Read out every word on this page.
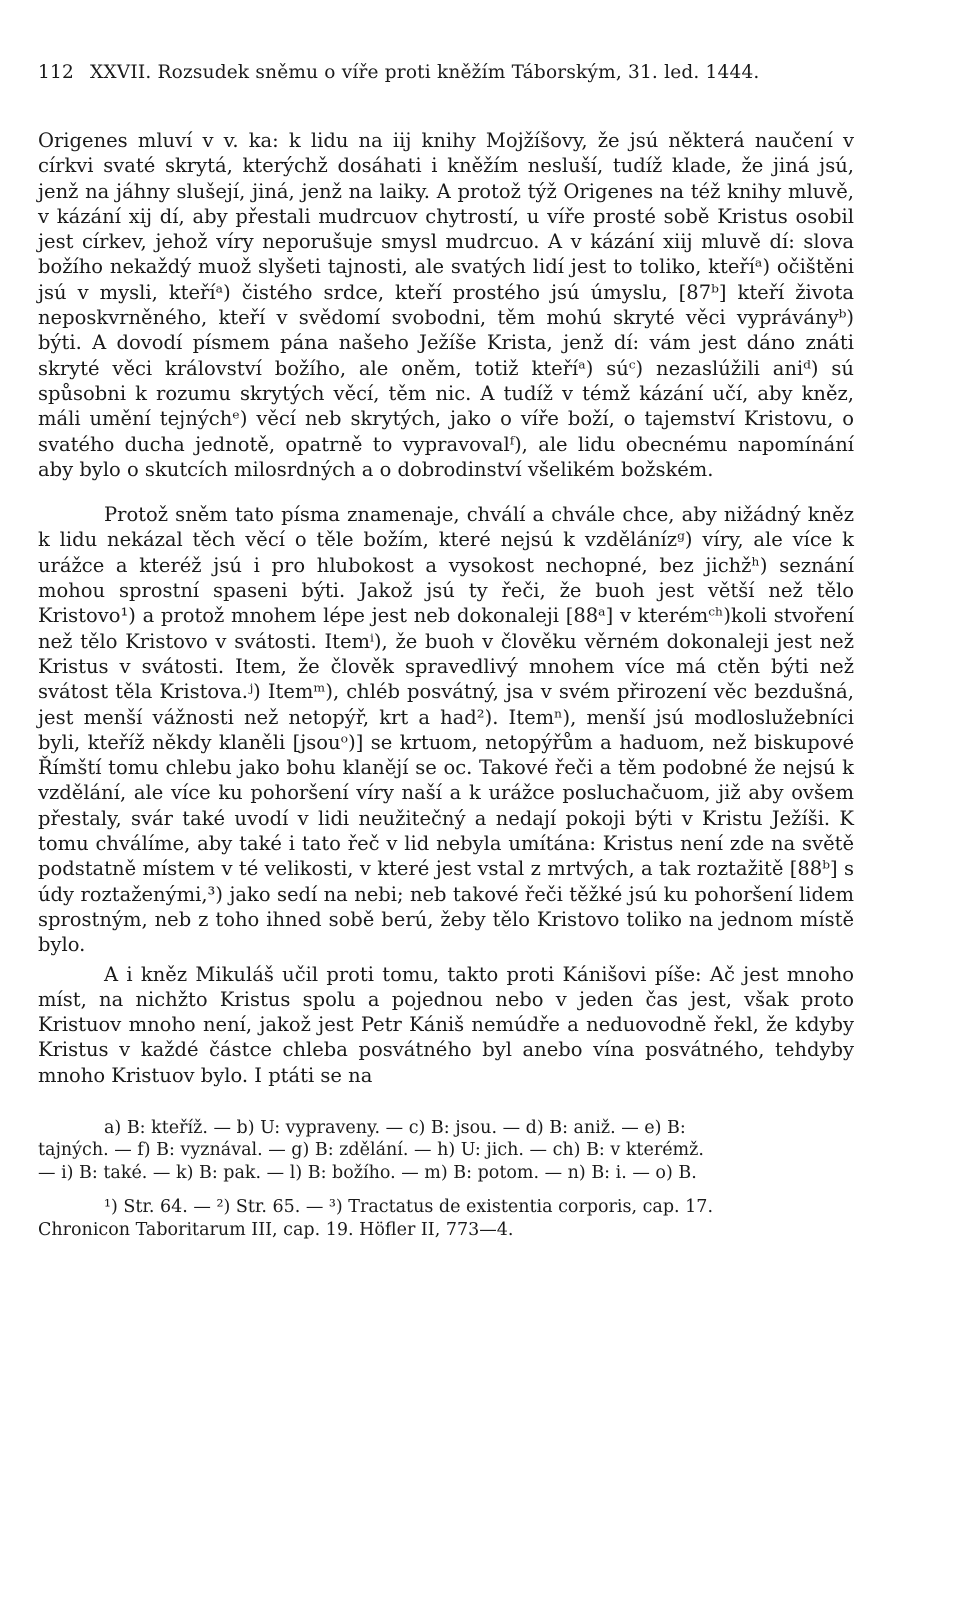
112 XXVII. Rozsudek sněmu o víře proti kněžím Táborským, 31. led. 1444.

Origenes mluví v v. ka: k lidu na iij knihy Mojžíšovy, že jsú některá naučení v církvi svaté skrytá, kterýchž dosáhati i kněžím nesluší, tudíž klade, že jiná jsú, jenž na jáhny slušejí, jiná, jenž na laiky. A protož týž Origenes na též knihy mluvě, v kázání xij dí, aby přestali mudrcuov chytrostí, u víře prosté sobě Kristus osobil jest církev, jehož víry neporušuje smysl mudrcuo. A v kázání xiij mluvě dí: slova božího nekaždý muož slyšeti tajnosti, ale svatých lidí jest to toliko, kteříᵃ) očištěni jsú v mysli, kteříᵃ) čistého srdce, kteří prostého jsú úmyslu, [87ᵇ] kteří života neposkvrněného, kteří v svědomí svobodni, těm mohú skryté věci vypráványᵇ) býti. A dovodí písmem pána našeho Ježíše Krista, jenž dí: vám jest dáno znáti skryté věci království božího, ale oněm, totiž kteříᵃ) súᶜ) nezaslúžili aniᵈ) sú spůsobni k rozumu skrytých věcí, těm nic. A tudíž v témž kázání učí, aby kněz, máli umění tejnýchᵉ) věcí neb skrytých, jako o víře boží, o tajemství Kristovu, o svatého ducha jednotě, opatrně to vypravovalᶠ), ale lidu obecnému napomínání aby bylo o skutcích milosrdných a o dobrodinství všelikém božském.

Protož sněm tato písma znamenaje, chválí a chvále chce, aby nižádný kněz k lidu nekázal těch věcí o těle božím, které nejsú k vzdělánízᵍ) víry, ale více k urážce a kteréž jsú i pro hlubokost a vysokost nechopné, bez jichžʰ) seznání mohou sprostní spaseni býti. Jakož jsú ty řeči, že buoh jest větší než tělo Kristovo¹) a protož mnohem lépe jest neb dokonaleji [88ᵃ] v kterémᶜʰ)koli stvoření než tělo Kristovo v svátosti. Itemⁱ), že buoh v člověku věrném dokonaleji jest než Kristus v svátosti. Item, že člověk spravedlivý mnohem více má ctěn býti než svátost těla Kristova.ʲ) Itemᵐ), chléb posvátný, jsa v svém přirození věc bezdušná, jest menší vážnosti než netopýř, krt a had²). Itemⁿ), menší jsú modloslužebníci byli, kteříž někdy klaněli [jsouᵒ)] se krtuom, netopýřům a haduom, než biskupové Římští tomu chlebu jako bohu klanějí se oc. Takové řeči a těm podobné že nejsú k vzdělání, ale více ku pohoršení víry naší a k urážce posluchačuom, již aby ovšem přestaly, svár také uvodí v lidi neužitečný a nedají pokoji býti v Kristu Ježíši. K tomu chválíme, aby také i tato řeč v lid nebyla umítána: Kristus není zde na světě podstatně místem v té velikosti, v které jest vstal z mrtvých, a tak roztažitě [88ᵇ] s údy roztaženými,³) jako sedí na nebi; neb takové řeči těžké jsú ku pohoršení lidem sprostným, neb z toho ihned sobě berú, žeby tělo Kristovo toliko na jednom místě bylo.

A i kněz Mikuláš učil proti tomu, takto proti Kánišovi píše: Ač jest mnoho míst, na nichžto Kristus spolu a pojednou nebo v jeden čas jest, však proto Kristuov mnoho není, jakož jest Petr Kániš nemúdře a neduovodně řekl, že kdyby Kristus v každé částce chleba posvátného byl anebo vína posvátného, tehdyby mnoho Kristuov bylo. I ptáti se na

a) B: kteříž. — b) U: vypraveny. — c) B: jsou. — d) B: aniž. — e) B:
tajných. — f) B: vyznával. — g) B: zdělání. — h) U: jich. — ch) B: v kterémž.
— i) B: také. — k) B: pak. — l) B: božího. — m) B: potom. — n) B: i. — o) B.
¹) Str. 64. — ²) Str. 65. — ³) Tractatus de existentia corporis, cap. 17.
Chronicon Taboritarum III, cap. 19. Höfler II, 773—4.
